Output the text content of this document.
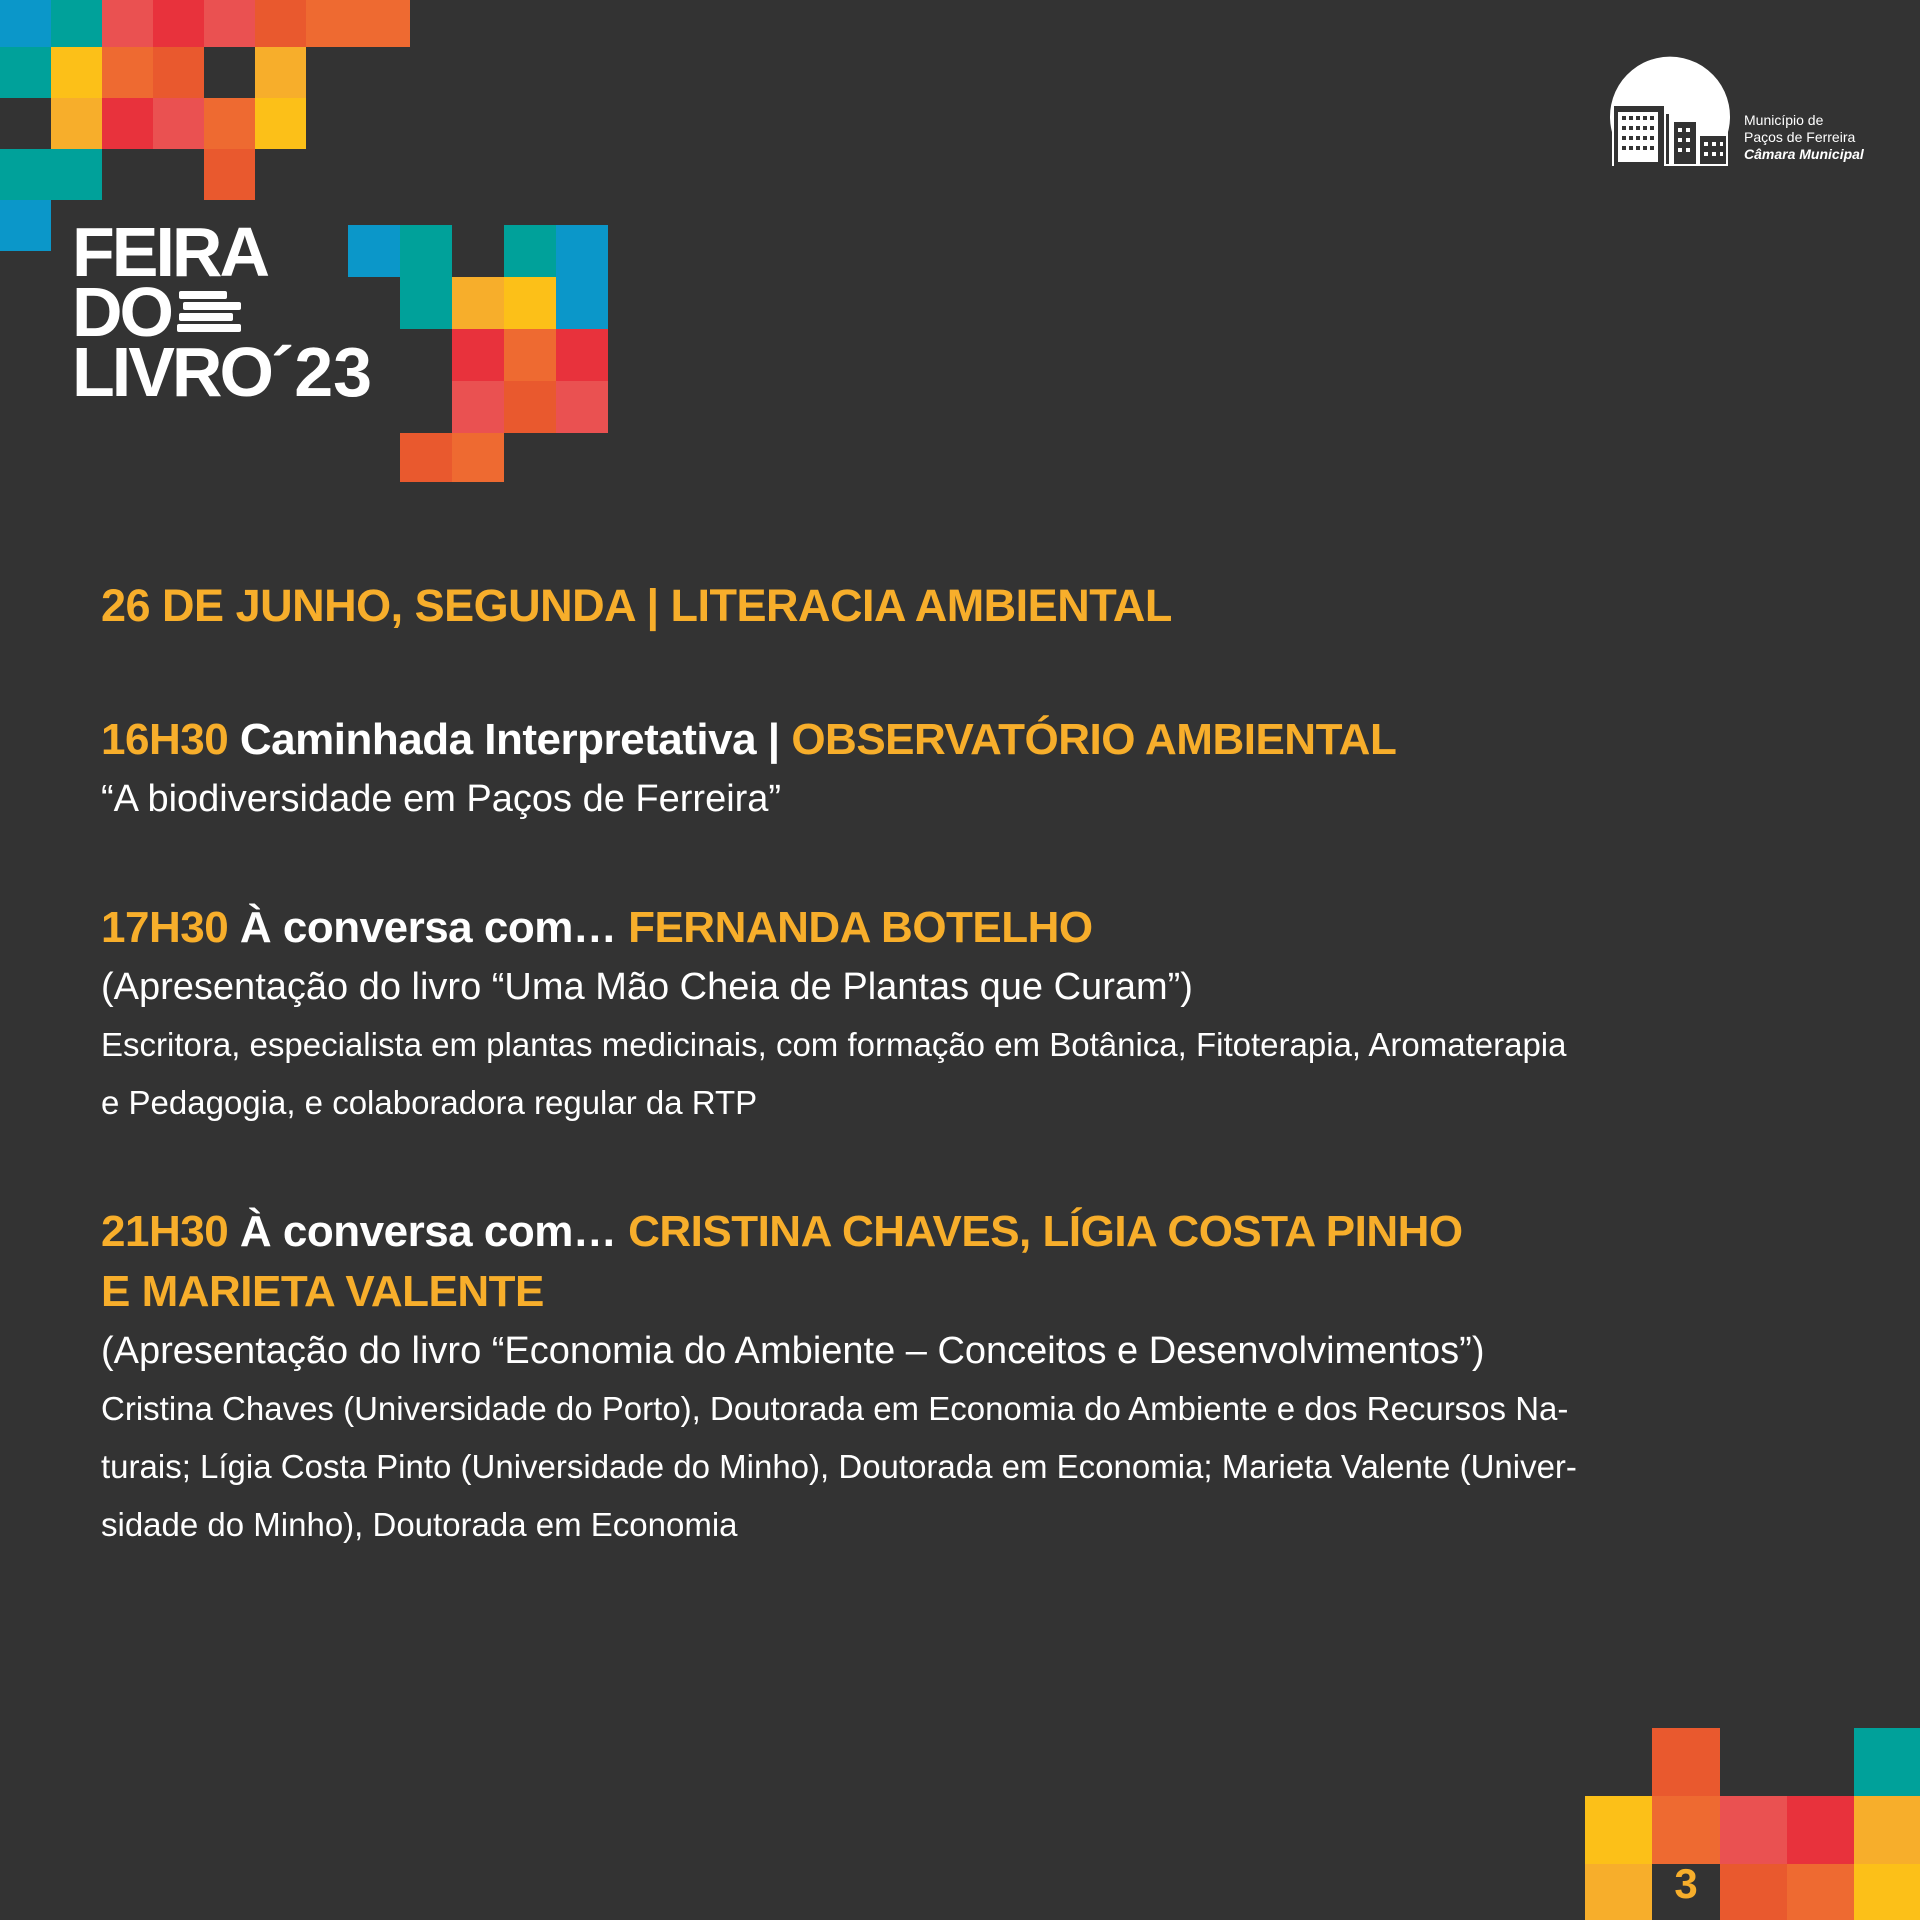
FEIRA
DO
LIVRO´23
Município de
Paços de Ferreira
Câmara Municipal
26 DE JUNHO, SEGUNDA | LITERACIA AMBIENTAL
16H30 Caminhada Interpretativa | OBSERVATÓRIO AMBIENTAL
“A biodiversidade em Paços de Ferreira”
17H30 À conversa com… FERNANDA BOTELHO
(Apresentação do livro “Uma Mão Cheia de Plantas que Curam”)
Escritora, especialista em plantas medicinais, com formação em Botânica, Fitoterapia, Aromaterapia
e Pedagogia, e colaboradora regular da RTP
21H30 À conversa com… CRISTINA CHAVES, LÍGIA COSTA PINHO
E MARIETA VALENTE
(Apresentação do livro “Economia do Ambiente – Conceitos e Desenvolvimentos”)
Cristina Chaves (Universidade do Porto), Doutorada em Economia do Ambiente e dos Recursos Na-
turais; Lígia Costa Pinto (Universidade do Minho), Doutorada em Economia; Marieta Valente (Univer-
sidade do Minho), Doutorada em Economia
3
